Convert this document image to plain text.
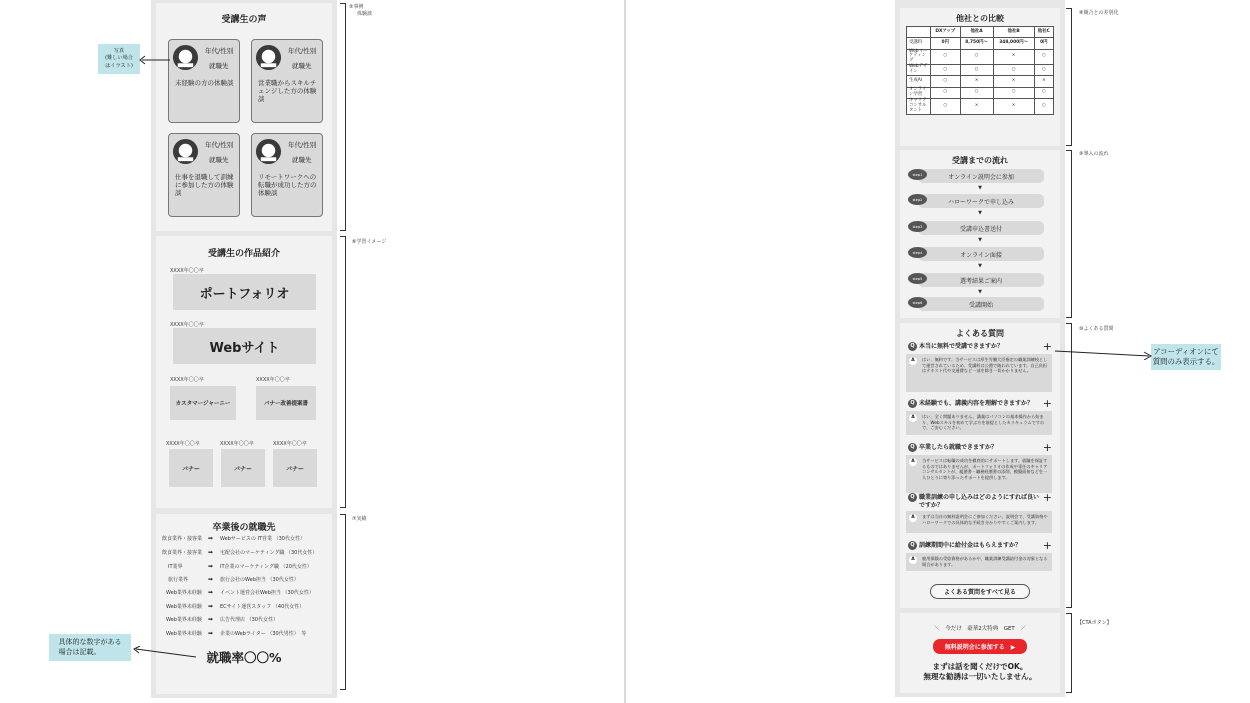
受講生の声
年代/性別
就職先
未経験の方の体験談
年代/性別
就職先
営業職からスキルチェンジした方の体験談
年代/性別
就職先
仕事を退職して訓練に参加した方の体験談
年代/性別
就職先
リモートワークへの転職が成功した方の体験談
⑤事例
体験談
写真
(難しい場合
はイラスト)
受講生の作品紹介
XXXX年〇〇卒
ポートフォリオ
XXXX年〇〇卒
Webサイト
XXXX年〇〇卒
カスタマージャーニー
XXXX年〇〇卒
バナー改善提案書
XXXX年〇〇卒
バナー
XXXX年〇〇卒
バナー
XXXX年〇〇卒
バナー
⑥学習イメージ
卒業後の就職先
飲食業界・接客業 ➡ Webサービスの IT営業 （30代女性）
飲食業界・接客業 ➡ 宅配会社のマーケティング職 （30代女性）
IT業界	➡ IT企業のマーケティング職 （20代女性）
旅行業界	➡ 旅行会社のWeb担当 （30代女性）
Web業界未経験 ➡ イベント運営会社Web担当 （30代女性）
Web業界未経験 ➡ ECサイト運営スタッフ （40代女性）
Web業界未経験 ➡ 広告代理店 （30代女性）
Web業界未経験 ➡ 企業のWebライター （30代男性）　等
就職率〇〇%
⑦実績
具体的な数字がある
場合は記載。
他社との比較
	DXアップ	他社A	他社B	他社C
受講料	0円	8,750円〜	348,000円〜	0円
Webマーケティング	○	○	×	○
Webデザイン	○	○	○	○
生成AI	○	×	×	×
オンライン学習	○	○	○	○
キャリアコンサルタント	○	×	×	○
⑧競合との差別化
受講までの流れ
オンライン説明会に参加
step1
▼
ハローワークで申し込み
step2
▼
受講申込書送付
step3
▼
オンライン面接
step4
▼
選考結果ご案内
step5
▼
受講開始
step6
⑨導入の流れ
よくある質問
Q 本当に無料で受講できますか？	+
A	はい、無料です。当サービスは厚生労働大臣指定の職業訓練校として運営されているため、受講料は公費で賄われています。自己負担はテキスト代や交通費など一部を除き一切かかりません。
Q 未経験でも、講義内容を理解できますか？ +
A	はい、全く問題ありません。講義はパソコンの基本操作から始まり、Webスキルを初めて学ぶ方を前提としたカリキュラムですので、ご安心ください。
Q 卒業したら就職できますか？	+
A	当サービスは転職の成功を徹底的にサポートします。就職を保証するものではありませんが、ポートフォリオの作成や専任のキャリアコンサルタントが、履歴書・職務経歴書の添削、模擬面接などを一人ひとりに寄り添ったサポートを提供します。
Q 職業訓練の申し込みはどのようにすれば良いですか？
+
A	まずは当社の無料説明会にご参加ください。説明会で、受講資格やハローワークでの具体的な手続き分かりやすくご案内します。
Q 訓練期間中に給付金はもらえますか？	+
A	雇用保険の受給資格があるかや、職業訓練受講給付金の対象となる場合があります。
よくある質問をすべて見る
⑩よくある質問
アコーディオンにて
質問のみ表示する。
＼　今だけ　豪華2大特典　GET　／
無料説明会に参加する　▶
まずは話を聞くだけでOK。
無理な勧誘は一切いたしません。
【CTAボタン】
